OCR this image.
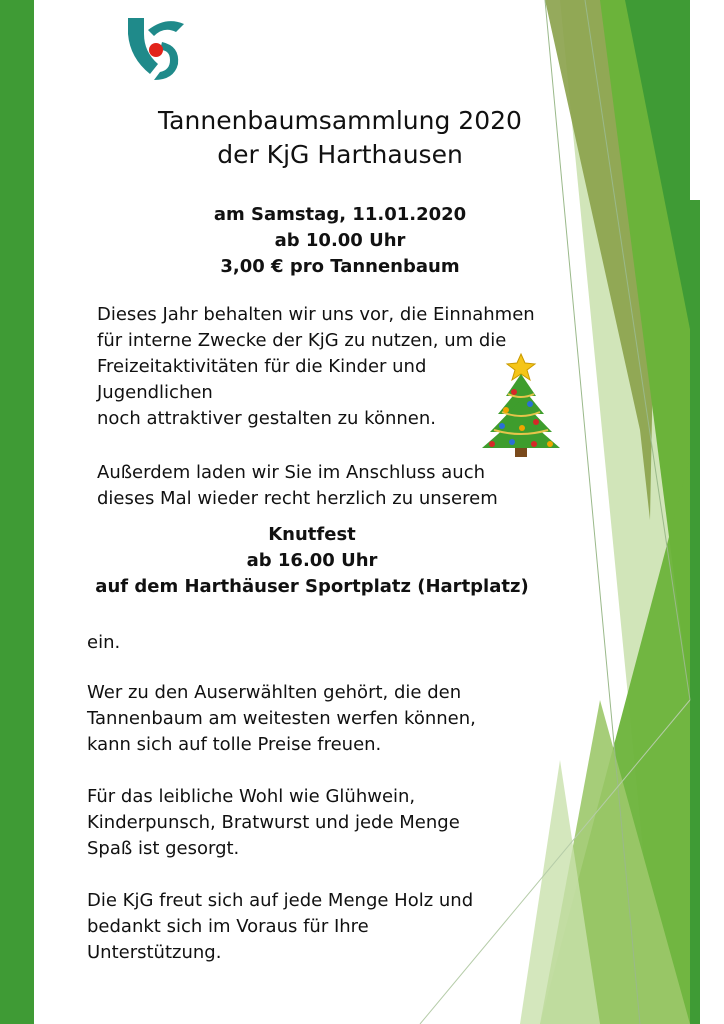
Tannenbaumsammlung 2020
der KjG Harthausen
am Samstag, 11.01.2020
ab 10.00 Uhr
3,00 € pro Tannenbaum
Dieses Jahr behalten wir uns vor, die Einnahmen
für interne Zwecke der KjG zu nutzen, um die
Freizeitaktivitäten für die Kinder und
Jugendlichen
noch attraktiver gestalten zu können.
Außerdem laden wir Sie im Anschluss auch
dieses Mal wieder recht herzlich zu unserem
Knutfest
ab 16.00 Uhr
auf dem Harthäuser Sportplatz (Hartplatz)
ein.
Wer zu den Auserwählten gehört, die den
Tannenbaum am weitesten werfen können,
kann sich auf tolle Preise freuen.
Für das leibliche Wohl wie Glühwein,
Kinderpunsch, Bratwurst und jede Menge
Spaß ist gesorgt.
Die KjG freut sich auf jede Menge Holz und
bedankt sich im Voraus für Ihre
Unterstützung.
